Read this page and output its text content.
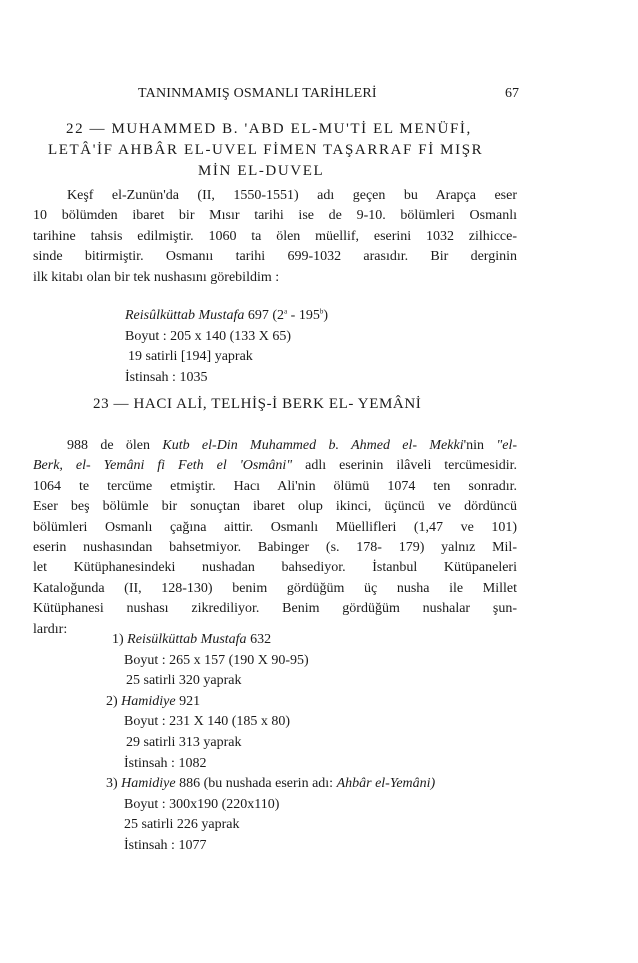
TANINMAMIŞ OSMANLI TARİHLERİ	67
22 — MUHAMMED B. 'ABD EL-MU'Tİ EL MENÜFİ,
LETÂ'İF AHBÂR EL-UVEL FİMEN TAŞARRAF Fİ MIŞR
MİN EL-DUVEL
Keşf el-Zunün'da (II, 1550-1551) adı geçen bu Arapça eser
10 bölümden ibaret bir Mısır tarihi ise de 9-10. bölümleri Osmanlı
tarihine tahsis edilmiştir. 1060 ta ölen müellif, eserini 1032 zilhicce-
sinde bitirmiştir. Osmanıı tarihi 699-1032 arasıdır. Bir derginin
ilk kitabı olan bir tek nushasını görebildim :
Reisûlküttab Mustafa 697 (2$^a$ - 195$^b$)
Boyut : 205 x 140 (133 X 65)
19 satirli [194] yaprak
İstinsah : 1035
23 — HACI ALİ, TELHİŞ-İ BERK EL- YEMÂNİ
988 de ölen Kutb el-Din Muhammed b. Ahmed el- Mekki'nin "el-
Berk, el- Yemâni fi Feth el 'Osmâni" adlı eserinin ilâveli tercümesidir.
1064 te tercüme etmiştir. Hacı Ali'nin ölümü 1074 ten sonradır.
Eser beş bölümle bir sonuçtan ibaret olup ikinci, üçüncü ve dördüncü
bölümleri Osmanlı çağına aittir. Osmanlı Müellifleri (1,47 ve 101)
eserin nushasından bahsetmiyor. Babinger (s. 178- 179) yalnız Mil-
let Kütüphanesindeki nushadan bahsediyor. İstanbul Kütüpaneleri
Kataloğunda (II, 128-130) benim gördüğüm üç nusha ile Millet
Kütüphanesi nushası zikrediliyor. Benim gördüğüm nushalar şun-
lardır:
1) Reisülküttab Mustafa 632
Boyut : 265 x 157 (190 X 90-95)
25 satirli 320 yaprak
2) Hamidiye 921
Boyut : 231 X 140 (185 x 80)
29 satirli 313 yaprak
İstinsah : 1082
3) Hamidiye 886 (bu nushada eserin adı: Ahbâr el-Yemâni)
Boyut : 300x190 (220x110)
25 satirli 226 yaprak
İstinsah : 1077
